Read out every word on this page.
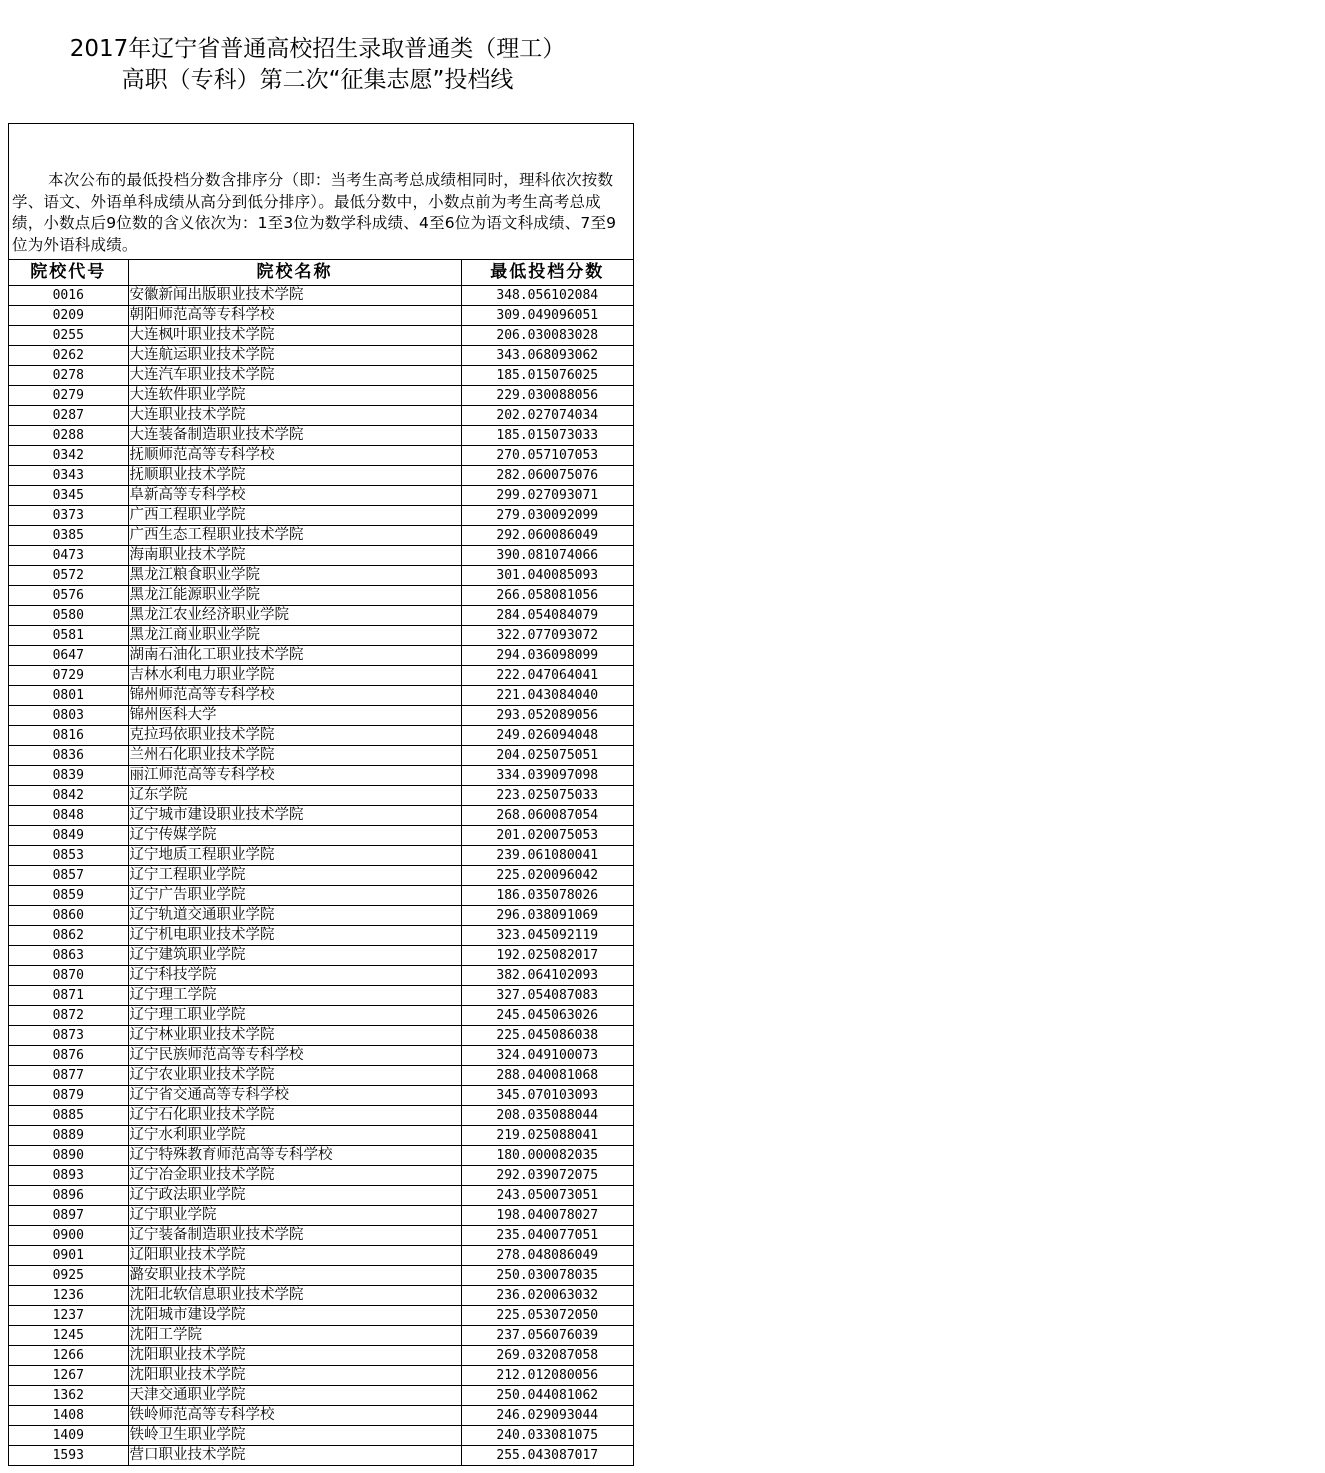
2017年辽宁省普通高校招生录取普通类（理工）
高职（专科）第二次“征集志愿”投档线
本次公布的最低投档分数含排序分（即：当考生高考总成绩相同时，理科依次按数学、语文、外语单科成绩从高分到低分排序）。最低分数中，小数点前为考生高考总成绩，小数点后9位数的含义依次为：1至3位为数学科成绩、4至6位为语文科成绩、7至9位为外语科成绩。
院校代号	院校名称	最低投档分数
0016	安徽新闻出版职业技术学院	348.056102084
0209	朝阳师范高等专科学校	309.049096051
0255	大连枫叶职业技术学院	206.030083028
0262	大连航运职业技术学院	343.068093062
0278	大连汽车职业技术学院	185.015076025
0279	大连软件职业学院	229.030088056
0287	大连职业技术学院	202.027074034
0288	大连装备制造职业技术学院	185.015073033
0342	抚顺师范高等专科学校	270.057107053
0343	抚顺职业技术学院	282.060075076
0345	阜新高等专科学校	299.027093071
0373	广西工程职业学院	279.030092099
0385	广西生态工程职业技术学院	292.060086049
0473	海南职业技术学院	390.081074066
0572	黑龙江粮食职业学院	301.040085093
0576	黑龙江能源职业学院	266.058081056
0580	黑龙江农业经济职业学院	284.054084079
0581	黑龙江商业职业学院	322.077093072
0647	湖南石油化工职业技术学院	294.036098099
0729	吉林水利电力职业学院	222.047064041
0801	锦州师范高等专科学校	221.043084040
0803	锦州医科大学	293.052089056
0816	克拉玛依职业技术学院	249.026094048
0836	兰州石化职业技术学院	204.025075051
0839	丽江师范高等专科学校	334.039097098
0842	辽东学院	223.025075033
0848	辽宁城市建设职业技术学院	268.060087054
0849	辽宁传媒学院	201.020075053
0853	辽宁地质工程职业学院	239.061080041
0857	辽宁工程职业学院	225.020096042
0859	辽宁广告职业学院	186.035078026
0860	辽宁轨道交通职业学院	296.038091069
0862	辽宁机电职业技术学院	323.045092119
0863	辽宁建筑职业学院	192.025082017
0870	辽宁科技学院	382.064102093
0871	辽宁理工学院	327.054087083
0872	辽宁理工职业学院	245.045063026
0873	辽宁林业职业技术学院	225.045086038
0876	辽宁民族师范高等专科学校	324.049100073
0877	辽宁农业职业技术学院	288.040081068
0879	辽宁省交通高等专科学校	345.070103093
0885	辽宁石化职业技术学院	208.035088044
0889	辽宁水利职业学院	219.025088041
0890	辽宁特殊教育师范高等专科学校	180.000082035
0893	辽宁冶金职业技术学院	292.039072075
0896	辽宁政法职业学院	243.050073051
0897	辽宁职业学院	198.040078027
0900	辽宁装备制造职业技术学院	235.040077051
0901	辽阳职业技术学院	278.048086049
0925	潞安职业技术学院	250.030078035
1236	沈阳北软信息职业技术学院	236.020063032
1237	沈阳城市建设学院	225.053072050
1245	沈阳工学院	237.056076039
1266	沈阳职业技术学院	269.032087058
1267	沈阳职业技术学院	212.012080056
1362	天津交通职业学院	250.044081062
1408	铁岭师范高等专科学校	246.029093044
1409	铁岭卫生职业学院	240.033081075
1593	营口职业技术学院	255.043087017
